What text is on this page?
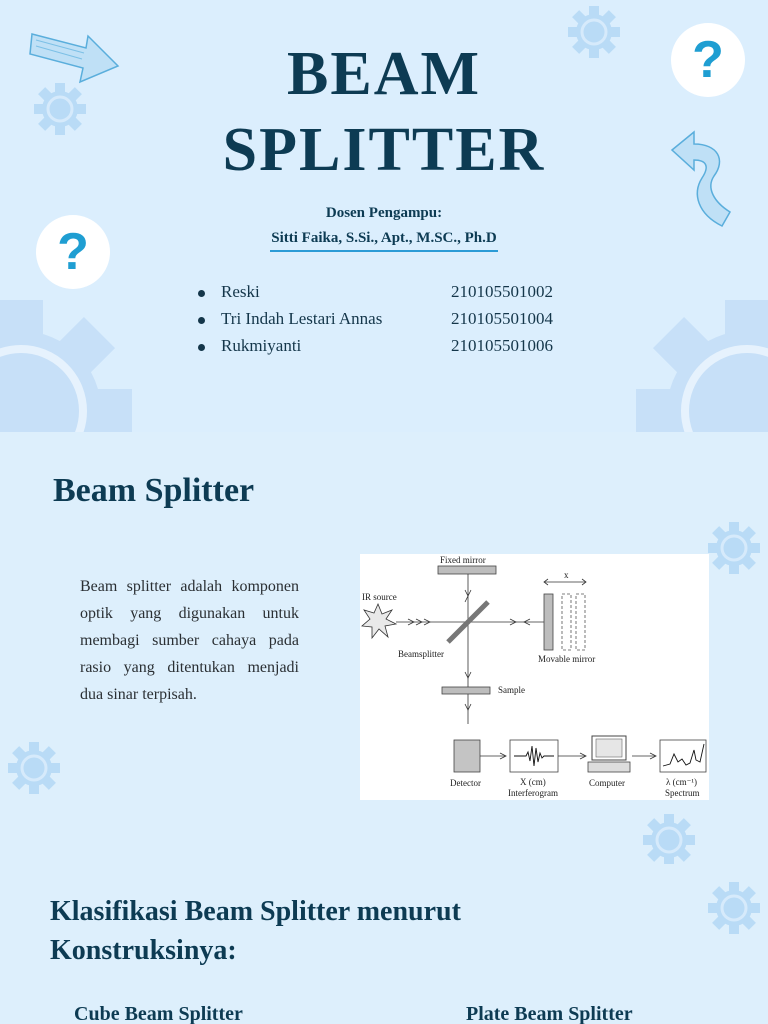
?
?
BEAM
SPLITTER
Dosen Pengampu:
Sitti Faika, S.Si., Apt., M.SC., Ph.D
Reski	210105501002
Tri Indah Lestari Annas	210105501004
Rukmiyanti	210105501006
Beam Splitter
Beam splitter adalah komponen optik yang digunakan untuk membagi sumber cahaya pada rasio yang ditentukan menjadi dua sinar terpisah.
Fixed mirror
IR source
Beamsplitter
x
Movable mirror
Sample
Detector	X (cm)
Interferogram
Computer	λ (cm⁻¹)
Spectrum
Klasifikasi Beam Splitter menurut
Konstruksinya:
Cube Beam Splitter	Plate Beam Splitter
